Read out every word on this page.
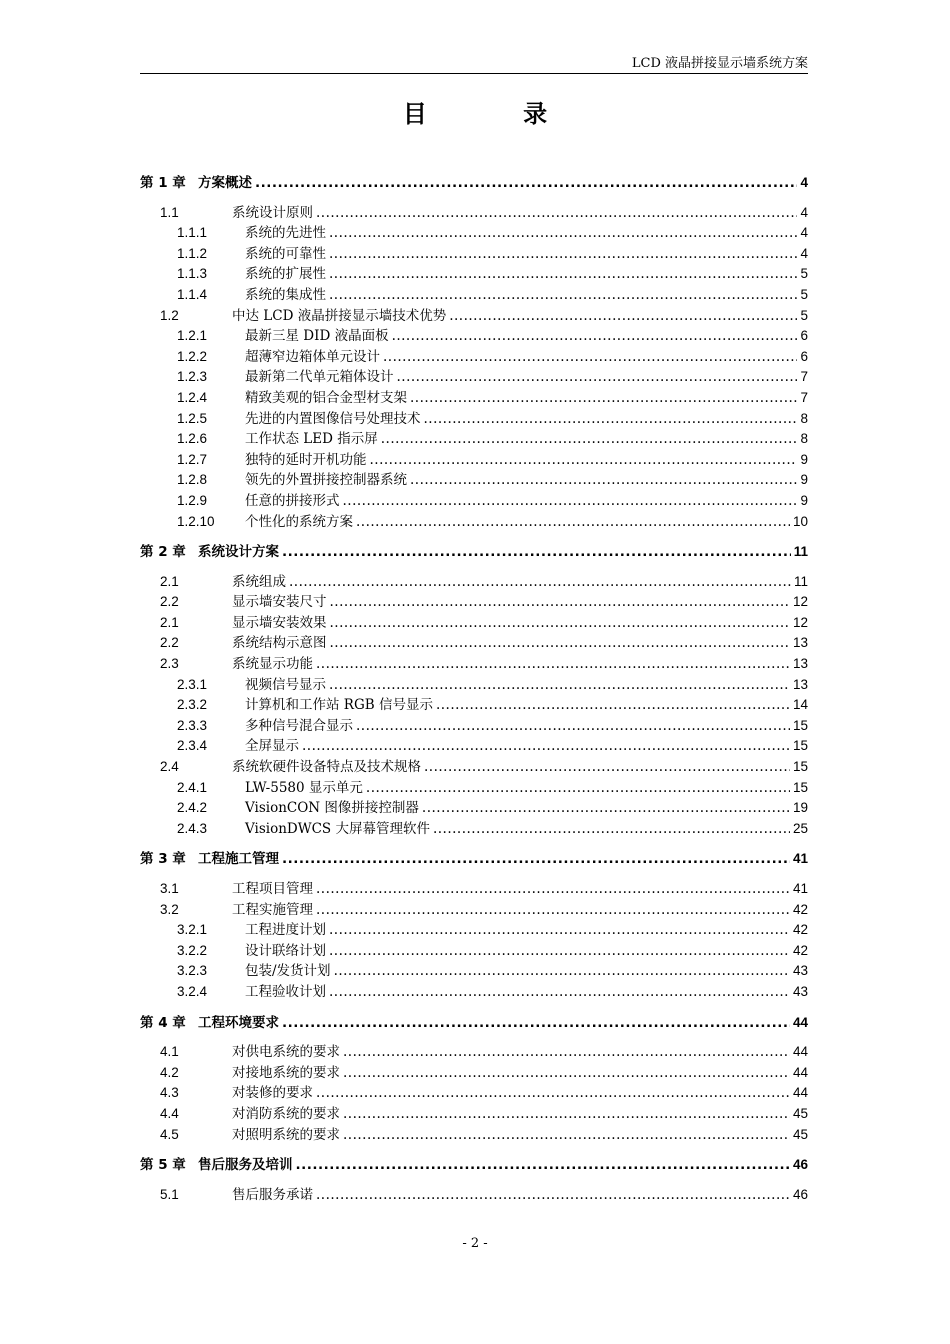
LCD 液晶拼接显示墙系统方案
目 录
第 1 章 方案概述 .....	4
1.1	系统设计原则 .....	4
1.1.1	系统的先进性 .....	4
1.1.2	系统的可靠性 .....	4
1.1.3	系统的扩展性 .....	5
1.1.4	系统的集成性 .....	5
1.2	中达 LCD 液晶拼接显示墙技术优势 .....	5
1.2.1	最新三星 DID 液晶面板 .....	6
1.2.2	超薄窄边箱体单元设计 .....	6
1.2.3	最新第二代单元箱体设计 .....	7
1.2.4	精致美观的铝合金型材支架 .....	7
1.2.5	先进的内置图像信号处理技术 .....	8
1.2.6	工作状态 LED 指示屏 .....	8
1.2.7	独特的延时开机功能 .....	9
1.2.8	领先的外置拼接控制器系统 .....	9
1.2.9	任意的拼接形式 .....	9
1.2.10	个性化的系统方案 .....	10
第 2 章 系统设计方案 .....	11
2.1	系统组成 .....	11
2.2	显示墙安装尺寸 .....	12
2.1	显示墙安装效果 .....	12
2.2	系统结构示意图 .....	13
2.3	系统显示功能 .....	13
2.3.1	视频信号显示 .....	13
2.3.2	计算机和工作站 RGB 信号显示 .....	14
2.3.3	多种信号混合显示 .....	15
2.3.4	全屏显示 .....	15
2.4	系统软硬件设备特点及技术规格 .....	15
2.4.1	LW-5580 显示单元 .....	15
2.4.2	VisionCON 图像拼接控制器 .....	19
2.4.3	VisionDWCS 大屏幕管理软件 .....	25
第 3 章 工程施工管理 .....	41
3.1	工程项目管理 .....	41
3.2	工程实施管理 .....	42
3.2.1	工程进度计划 .....	42
3.2.2	设计联络计划 .....	42
3.2.3	包装/发货计划 .....	43
3.2.4	工程验收计划 .....	43
第 4 章 工程环境要求 .....	44
4.1	对供电系统的要求 .....	44
4.2	对接地系统的要求 .....	44
4.3	对装修的要求 .....	44
4.4	对消防系统的要求 .....	45
4.5	对照明系统的要求 .....	45
第 5 章 售后服务及培训 .....	46
5.1	售后服务承诺 .....	46
- 2 -
